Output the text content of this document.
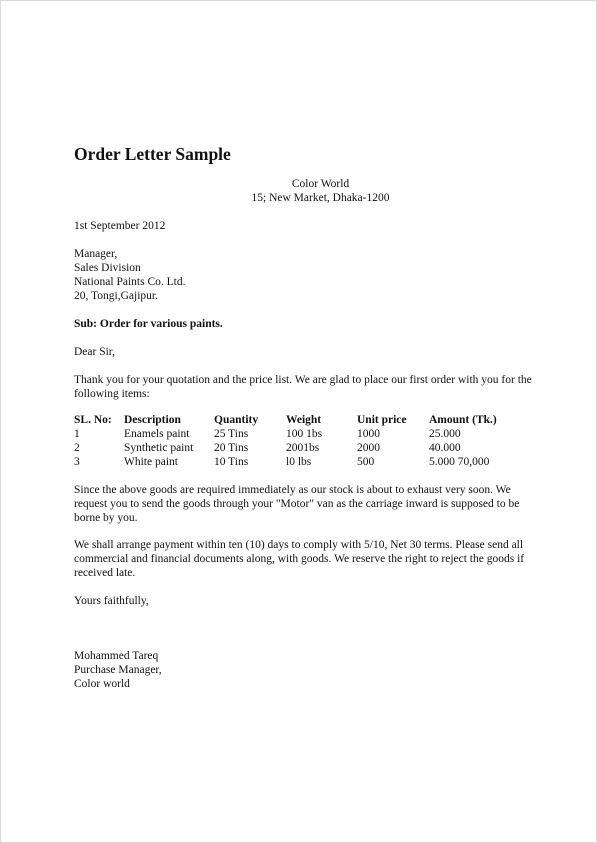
Order Letter Sample
Color World
15; New Market, Dhaka-1200
1st September 2012
Manager,
Sales Division
National Paints Co. Ltd.
20, Tongi,Gajipur.
Sub: Order for various paints.
Dear Sir,
Thank you for your quotation and the price list. We are glad to place our first order with you for the following items:
SL. No:	Description	Quantity	Weight	Unit price	Amount (Tk.)
1	Enamels paint	25 Tins	100 1bs	1000	25.000
2	Synthetic paint	20 Tins	2001bs	2000	40.000
3	White paint	10 Tins	l0 lbs	500	5.000 70,000
Since the above goods are required immediately as our stock is about to exhaust very soon. We request you to send the goods through your "Motor" van as the carriage inward is supposed to be borne by you.
We shall arrange payment within ten (10) days to comply with 5/10, Net 30 terms. Please send all commercial and financial documents along, with goods. We reserve the right to reject the goods if received late.
Yours faithfully,
Mohammed Tareq
Purchase Manager,
Color world
